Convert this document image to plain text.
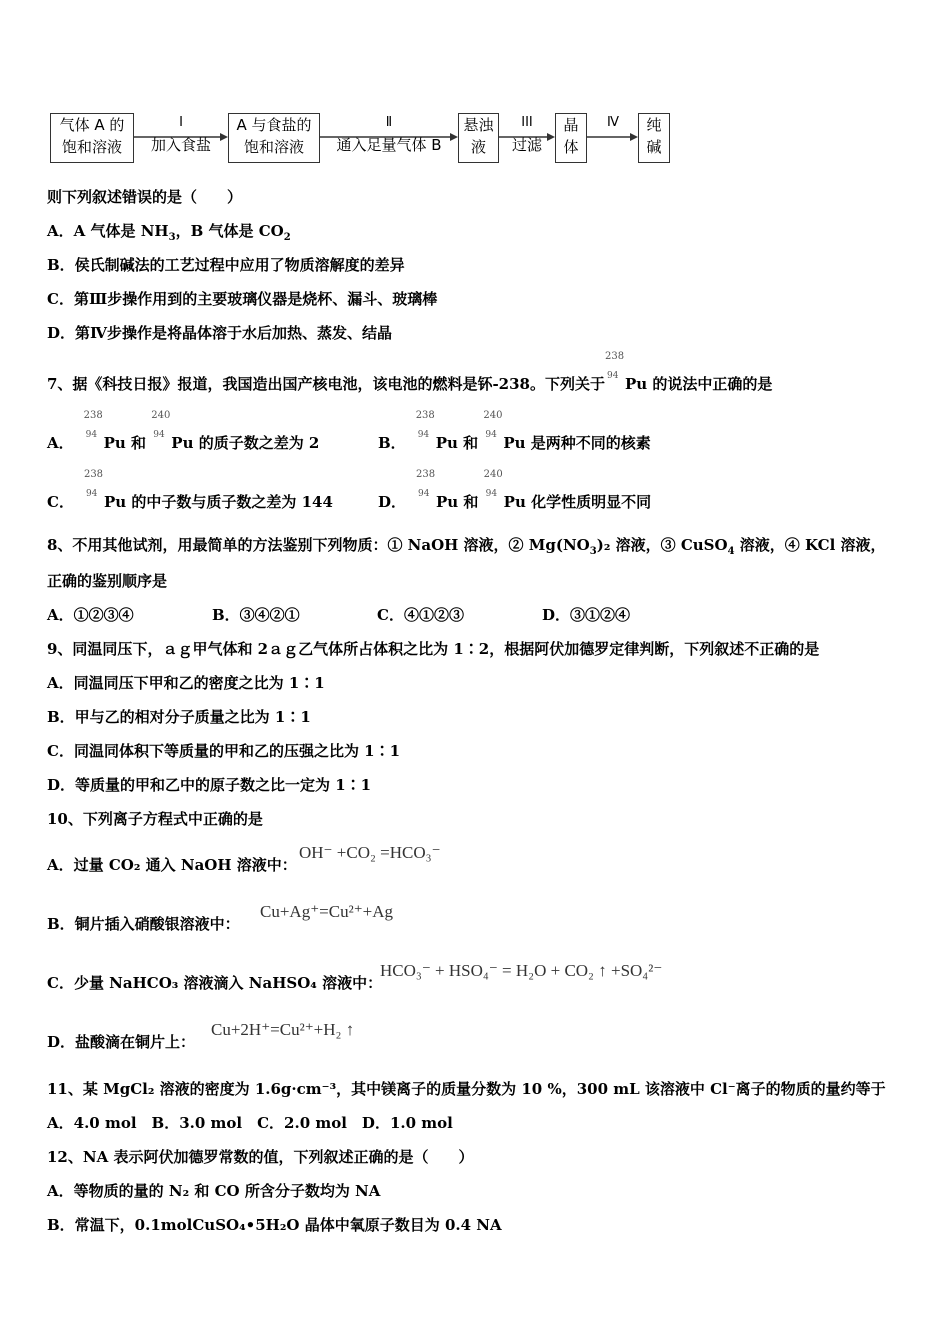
气体 A 的
饱和溶液
Ⅰ
加入食盐
A 与食盐的
饱和溶液
Ⅱ
通入足量气体 B
悬浊
液
III
过滤
晶
体
Ⅳ	纯
碱
则下列叙述错误的是（　　）
A．A 气体是 $NH_3$，B 气体是 $CO_2$
B．侯氏制碱法的工艺过程中应用了物质溶解度的差异
C．第Ⅲ步操作用到的主要玻璃仪器是烧杯、漏斗、玻璃棒
D．第Ⅳ步操作是将晶体溶于水后加热、蒸发、结晶
7、据《科技日报》报道，我国造出国产核电池，该电池的燃料是钚-238。下列关于
238
94 Pu 的说法中正确的是
A．
238
94 Pu 和
240
94 Pu 的质子数之差为 2	B．
238
94 Pu 和
240
94 Pu 是两种不同的核素
C．
238
94 Pu 的中子数与质子数之差为 144	D．
238
94 Pu 和
240
94 Pu 化学性质明显不同
8、不用其他试剂，用最简单的方法鉴别下列物质：① NaOH 溶液，② $Mg(NO_3)_2$ 溶液，③ CuSO$_4$ 溶液，④ KCl 溶液，
正确的鉴别顺序是
A．①②③④	B．③④②①	C．④①②③	D．③①②④
9、同温同压下，ａｇ甲气体和 2ａｇ乙气体所占体积之比为 1∶2，根据阿伏加德罗定律判断，下列叙述不正确的是
A．同温同压下甲和乙的密度之比为 1∶1
B．甲与乙的相对分子质量之比为 1∶1
C．同温同体积下等质量的甲和乙的压强之比为 1∶1
D．等质量的甲和乙中的原子数之比一定为 1∶1
10、下列离子方程式中正确的是
A．过量 CO₂ 通入 NaOH 溶液中：
OH⁻ +CO₂ =HCO₃⁻
B．铜片插入硝酸银溶液中：
Cu+Ag⁺=Cu²⁺+Ag
C．少量 NaHCO₃ 溶液滴入 NaHSO₄ 溶液中：
HCO₃⁻ + HSO₄⁻ = H₂O + CO₂ ↑ +SO₄²⁻
D．盐酸滴在铜片上：
Cu+2H⁺=Cu²⁺+H₂ ↑
11、某 MgCl₂ 溶液的密度为 1.6g·cm⁻³，其中镁离子的质量分数为 10 %，300 mL 该溶液中 Cl⁻离子的物质的量约等于
A．4.0 mol　B．3.0 mol　C．2.0 mol　D．1.0 mol
12、NA 表示阿伏加德罗常数的值，下列叙述正确的是（　　）
A．等物质的量的 N₂ 和 CO 所含分子数均为 NA
B．常温下，0.1molCuSO₄•5H₂O 晶体中氧原子数目为 0.4 NA
